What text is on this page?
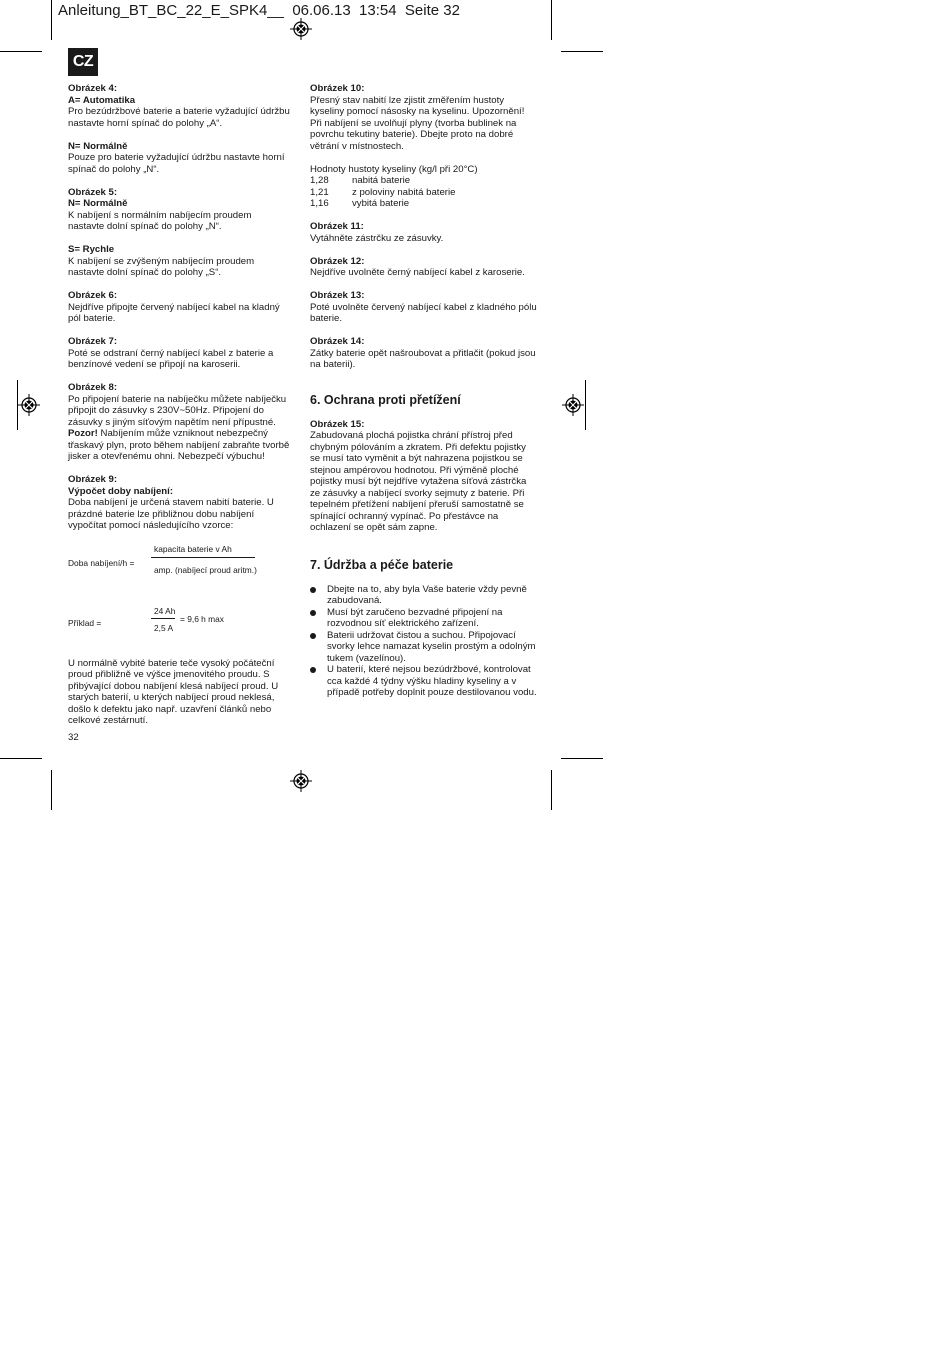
Anleitung_BT_BC_22_E_SPK4__  06.06.13  13:54  Seite 32
CZ

Obrázek 4:

A= Automatika

Pro bezúdržbové baterie a baterie vyžadující údržbu nastavte horní spínač do polohy „A“.

N= Normálně

Pouze pro baterie vyžadující údržbu nastavte horní spínač do polohy „N“.

Obrázek 5:

N= Normálně

K nabíjení s normálním nabíjecím proudem nastavte dolní spínač do polohy „N“.

S= Rychle

K nabíjení se zvýšeným nabíjecím proudem nastavte dolní spínač do polohy „S“.

Obrázek 6:

Nejdříve připojte červený nabíjecí kabel na kladný pól baterie.

Obrázek 7:

Poté se odstraní černý nabíjecí kabel z baterie a benzínové vedení se připojí na karoserii.

Obrázek 8:

Po připojení baterie na nabíječku můžete nabíječku připojit do zásuvky s 230V~50Hz. Připojení do zásuvky s jiným síťovým napětím není přípustné.

Pozor! Nabíjením může vzniknout nebezpečný třaskavý plyn, proto během nabíjení zabraňte tvorbě jisker a otevřenému ohni. Nebezpečí výbuchu!

Obrázek 9:

Výpočet doby nabíjení:

Doba nabíjení je určená stavem nabití baterie. U prázdné baterie lze přibližnou dobu nabíjení vypočítat pomocí následujícího vzorce:

Doba nabíjení/h =
kapacita baterie v Ah
amp. (nabíjecí proud aritm.)
Příklad =
24 Ah
2,5 A
= 9,6 h max

U normálně vybité baterie teče vysoký počáteční proud přibližně ve výšce jmenovitého proudu. S přibývající dobou nabíjení klesá nabíjecí proud. U starých baterií, u kterých nabíjecí proud neklesá, došlo k defektu jako např. uzavření článků nebo celkové zestárnutí.

Obrázek 10:

Přesný stav nabití lze zjistit změřením hustoty kyseliny pomocí násosky na kyselinu. Upozornění! Při nabíjení se uvolňují plyny (tvorba bublinek na povrchu tekutiny baterie). Dbejte proto na dobré větrání v místnostech.

Hodnoty hustoty kyseliny (kg/l při 20°C)

1,28	nabitá baterie
1,21	z poloviny nabitá baterie
1,16	vybitá baterie

Obrázek 11:

Vytáhněte zástrčku ze zásuvky.

Obrázek 12:

Nejdříve uvolněte černý nabíjecí kabel z karoserie.

Obrázek 13:

Poté uvolněte červený nabíjecí kabel z kladného pólu baterie.

Obrázek 14:

Zátky baterie opět našroubovat a přitlačit (pokud jsou na baterii).

6. Ochrana proti přetížení

Obrázek 15:

Zabudovaná plochá pojistka chrání přístroj před chybným pólováním a zkratem. Při defektu pojistky se musí tato vyměnit a být nahrazena pojistkou se stejnou ampérovou hodnotou. Při výměně ploché pojistky musí být nejdříve vytažena síťová zástrčka ze zásuvky a nabíjecí svorky sejmuty z baterie. Při tepelném přetížení nabíjení přeruší samostatně se spínající ochranný vypínač. Po přestávce na ochlazení se opět sám zapne.

7. Údržba a péče baterie
Dbejte na to, aby byla Vaše baterie vždy pevně zabudovaná.
Musí být zaručeno bezvadné připojení na rozvodnou síť elektrického zařízení.
Baterii udržovat čistou a suchou. Připojovací svorky lehce namazat kyselin prostým a odolným tukem (vazelínou).
U baterií, které nejsou bezúdržbové, kontrolovat cca každé 4 týdny výšku hladiny kyseliny a v případě potřeby doplnit pouze destilovanou vodu.
32
